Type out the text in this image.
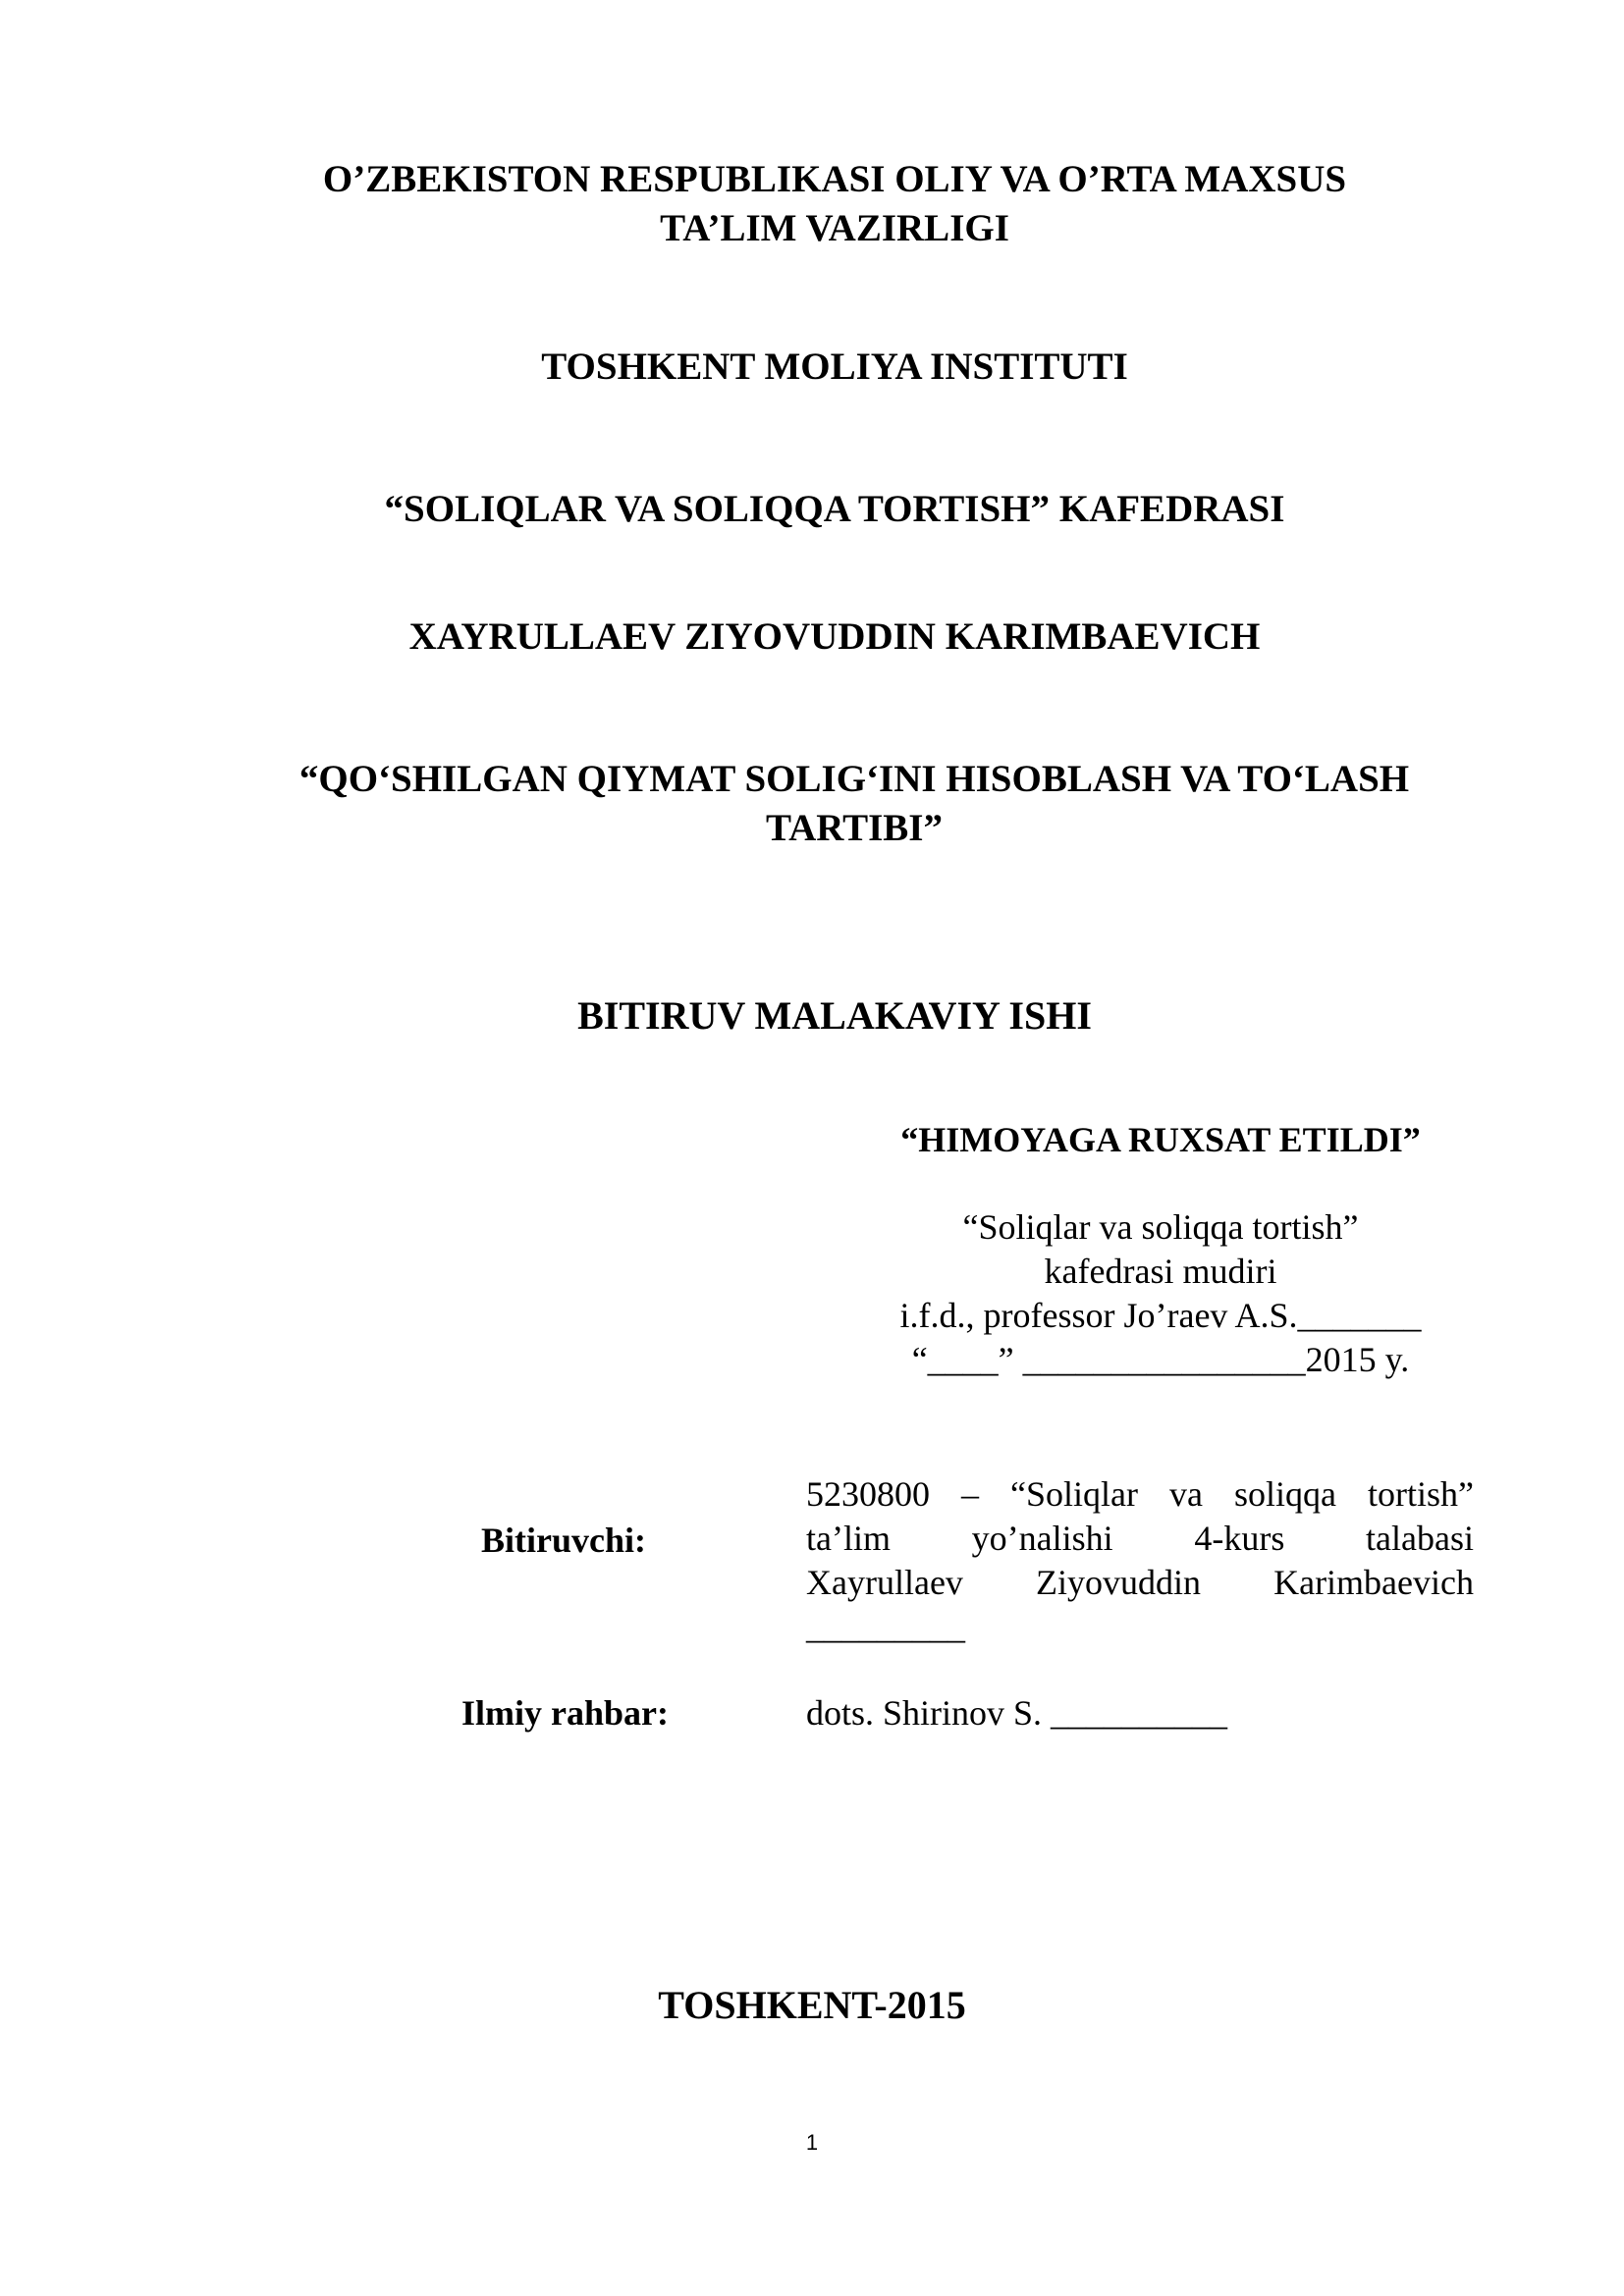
O’ZBEKISTON RESPUBLIKASI OLIY VA O’RTA MAXSUS TA’LIM VAZIRLIGI
TOSHKENT MOLIYA INSTITUTI
“SOLIQLAR VA SOLIQQA TORTISH” KAFEDRASI
XAYRULLAEV ZIYOVUDDIN KARIMBAEVICH
“QO‘SHILGAN QIYMAT SOLIG‘INI HISOBLASH VA TO‘LASH TARTIBI”
BITIRUV MALAKAVIY ISHI
“HIMOYAGA RUXSAT ETILDI”
“Soliqlar va soliqqa tortish”
kafedrasi mudiri
i.f.d., professor Jo’raev A.S._______
“____” ________________2015 y.
Bitiruvchi:
5230800 – “Soliqlar va soliqqa tortish”
ta’lim yo’nalishi 4-kurs talabasi
Xayrullaev Ziyovuddin Karimbaevich
_________
Ilmiy rahbar:	dots. Shirinov S. __________
TOSHKENT-2015
1
